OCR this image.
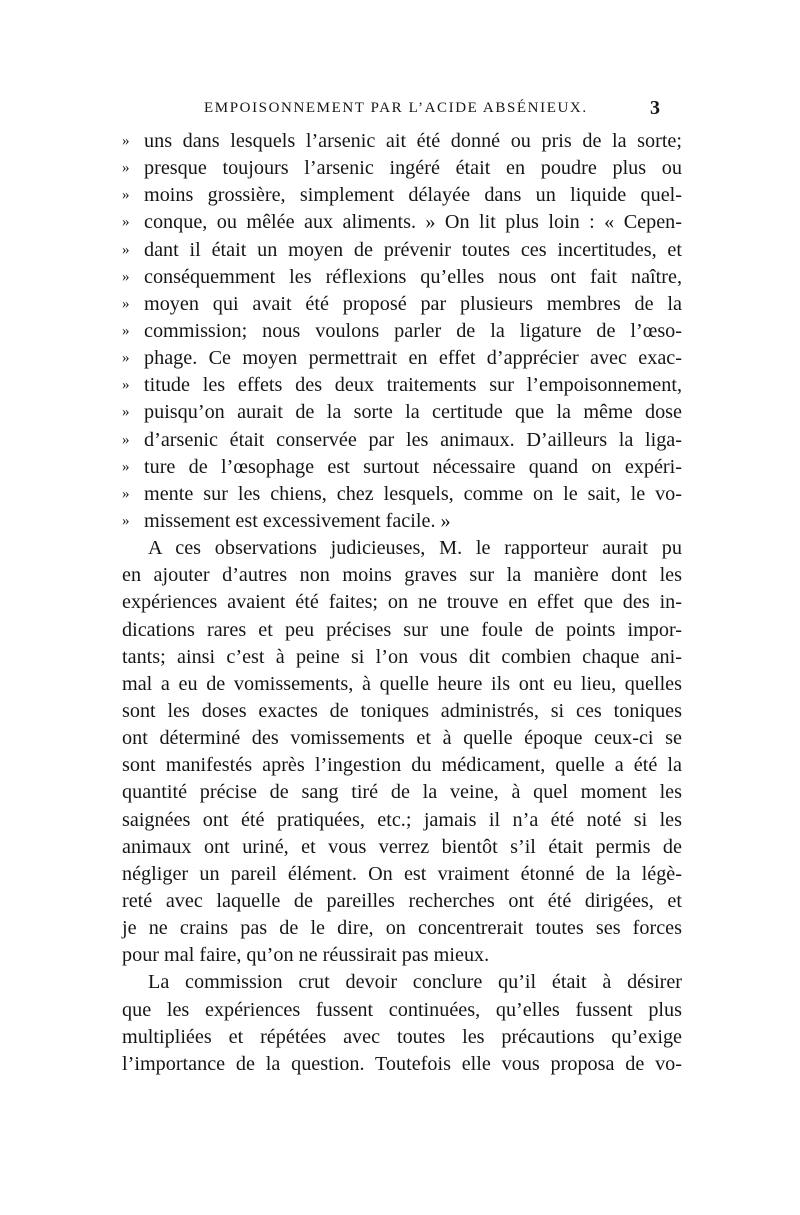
EMPOISONNEMENT PAR L’ACIDE ABSÉNIEUX.	3
» uns dans lesquels l’arsenic ait été donné ou pris de la sorte;
» presque toujours l’arsenic ingéré était en poudre plus ou
» moins grossière, simplement délayée dans un liquide quel-
» conque, ou mêlée aux aliments. » On lit plus loin : « Cepen-
» dant il était un moyen de prévenir toutes ces incertitudes, et
» conséquemment les réflexions qu’elles nous ont fait naître,
» moyen qui avait été proposé par plusieurs membres de la
» commission; nous voulons parler de la ligature de l’œso-
» phage. Ce moyen permettrait en effet d’apprécier avec exac-
» titude les effets des deux traitements sur l’empoisonnement,
» puisqu’on aurait de la sorte la certitude que la même dose
» d’arsenic était conservée par les animaux. D’ailleurs la liga-
» ture de l’œsophage est surtout nécessaire quand on expéri-
» mente sur les chiens, chez lesquels, comme on le sait, le vo-
» missement est excessivement facile. »
A ces observations judicieuses, M. le rapporteur aurait pu
en ajouter d’autres non moins graves sur la manière dont les
expériences avaient été faites; on ne trouve en effet que des in-
dications rares et peu précises sur une foule de points impor-
tants; ainsi c’est à peine si l’on vous dit combien chaque ani-
mal a eu de vomissements, à quelle heure ils ont eu lieu, quelles
sont les doses exactes de toniques administrés, si ces toniques
ont déterminé des vomissements et à quelle époque ceux-ci se
sont manifestés après l’ingestion du médicament, quelle a été la
quantité précise de sang tiré de la veine, à quel moment les
saignées ont été pratiquées, etc.; jamais il n’a été noté si les
animaux ont uriné, et vous verrez bientôt s’il était permis de
négliger un pareil élément. On est vraiment étonné de la légè-
reté avec laquelle de pareilles recherches ont été dirigées, et
je ne crains pas de le dire, on concentrerait toutes ses forces
pour mal faire, qu’on ne réussirait pas mieux.
La commission crut devoir conclure qu’il était à désirer
que les expériences fussent continuées, qu’elles fussent plus
multipliées et répétées avec toutes les précautions qu’exige
l’importance de la question. Toutefois elle vous proposa de vo-
